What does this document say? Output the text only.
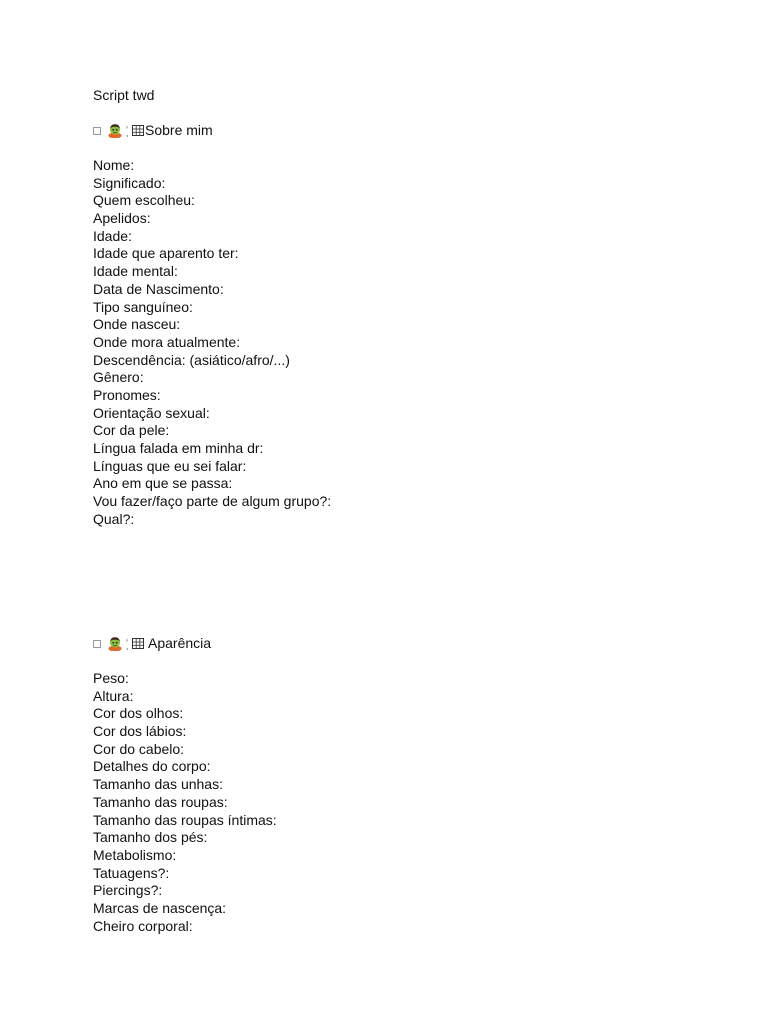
Script twd
Sobre mim
Nome:
Significado:
Quem escolheu:
Apelidos:
Idade:
Idade que aparento ter:
Idade mental:
Data de Nascimento:
Tipo sanguíneo:
Onde nasceu:
Onde mora atualmente:
Descendência: (asiático/afro/...)
Gênero:
Pronomes:
Orientação sexual:
Cor da pele:
Língua falada em minha dr:
Línguas que eu sei falar:
Ano em que se passa:
Vou fazer/faço parte de algum grupo?:
Qual?:
Aparência
Peso:
Altura:
Cor dos olhos:
Cor dos lábios:
Cor do cabelo:
Detalhes do corpo:
Tamanho das unhas:
Tamanho das roupas:
Tamanho das roupas íntimas:
Tamanho dos pés:
Metabolismo:
Tatuagens?:
Piercings?:
Marcas de nascença:
Cheiro corporal:
